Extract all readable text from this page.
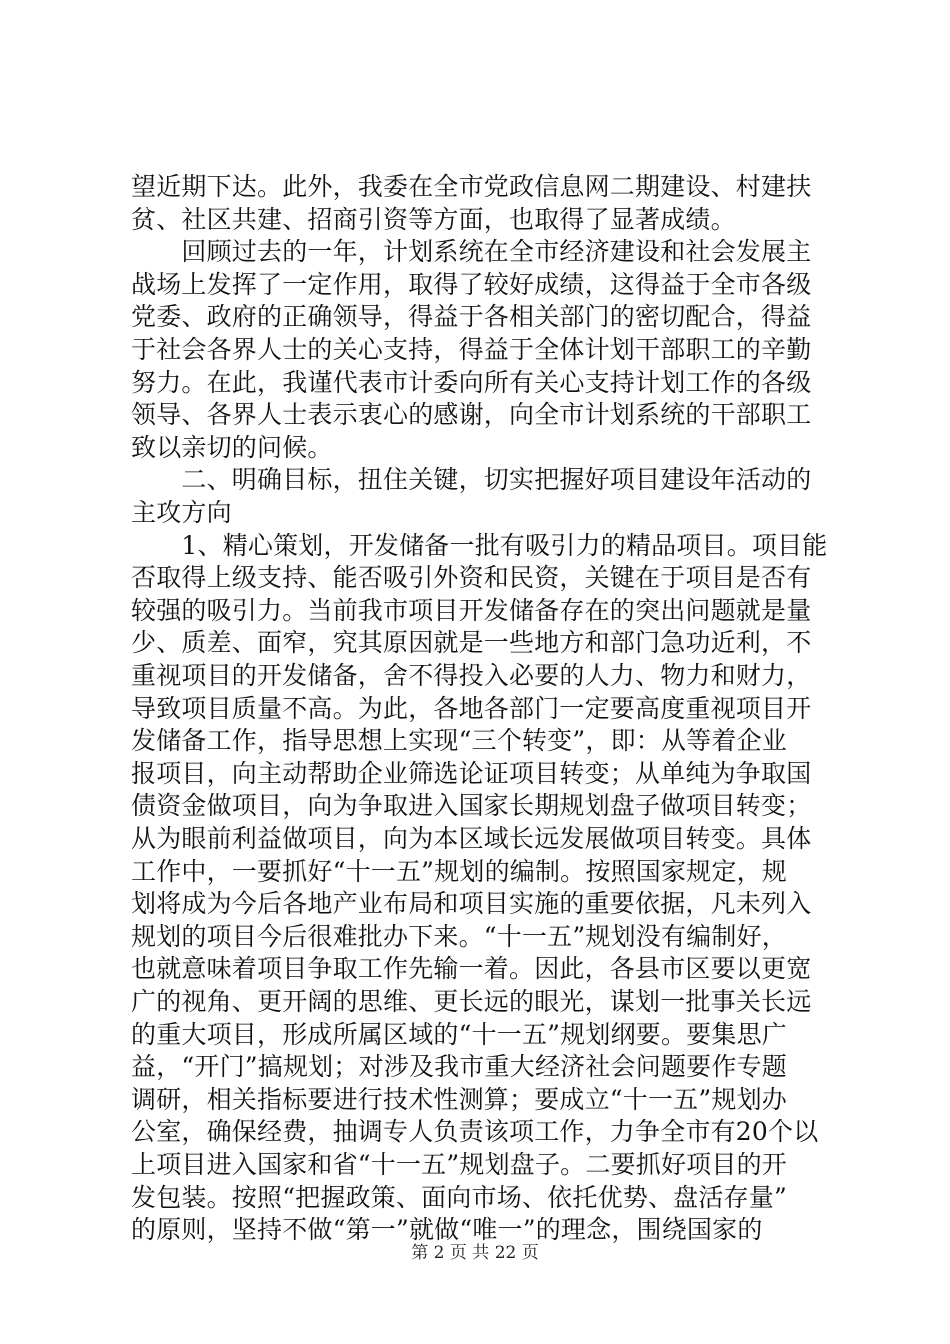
望近期下达。此外，我委在全市党政信息网二期建设、村建扶
贫、社区共建、招商引资等方面，也取得了显著成绩。
　　回顾过去的一年，计划系统在全市经济建设和社会发展主
战场上发挥了一定作用，取得了较好成绩，这得益于全市各级
党委、政府的正确领导，得益于各相关部门的密切配合，得益
于社会各界人士的关心支持，得益于全体计划干部职工的辛勤
努力。在此，我谨代表市计委向所有关心支持计划工作的各级
领导、各界人士表示衷心的感谢，向全市计划系统的干部职工
致以亲切的问候。
　　二、明确目标，扭住关键，切实把握好项目建设年活动的
主攻方向
　　1、精心策划，开发储备一批有吸引力的精品项目。项目能
否取得上级支持、能否吸引外资和民资，关键在于项目是否有
较强的吸引力。当前我市项目开发储备存在的突出问题就是量
少、质差、面窄，究其原因就是一些地方和部门急功近利，不
重视项目的开发储备，舍不得投入必要的人力、物力和财力，
导致项目质量不高。为此，各地各部门一定要高度重视项目开
发储备工作，指导思想上实现“三个转变”，即：从等着企业
报项目，向主动帮助企业筛选论证项目转变；从单纯为争取国
债资金做项目，向为争取进入国家长期规划盘子做项目转变；
从为眼前利益做项目，向为本区域长远发展做项目转变。具体
工作中，一要抓好“十一五”规划的编制。按照国家规定，规
划将成为今后各地产业布局和项目实施的重要依据，凡未列入
规划的项目今后很难批办下来。“十一五”规划没有编制好，
也就意味着项目争取工作先输一着。因此，各县市区要以更宽
广的视角、更开阔的思维、更长远的眼光，谋划一批事关长远
的重大项目，形成所属区域的“十一五”规划纲要。要集思广
益，“开门”搞规划；对涉及我市重大经济社会问题要作专题
调研，相关指标要进行技术性测算；要成立“十一五”规划办
公室，确保经费，抽调专人负责该项工作，力争全市有20个以
上项目进入国家和省“十一五”规划盘子。二要抓好项目的开
发包装。按照“把握政策、面向市场、依托优势、盘活存量”
的原则，坚持不做“第一”就做“唯一”的理念，围绕国家的
第 2 页 共 22 页
